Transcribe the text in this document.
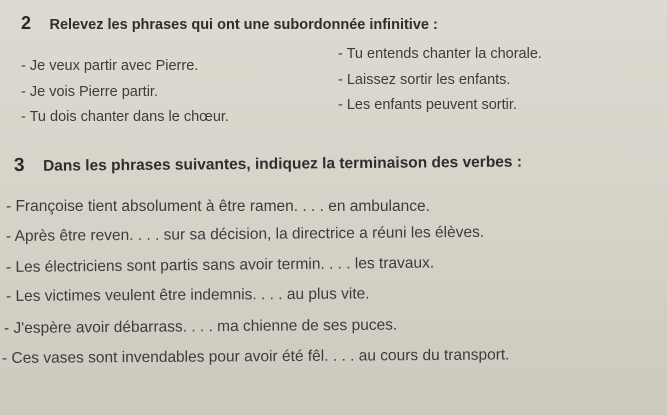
2 Relevez les phrases qui ont une subordonnée infinitive :
- Je veux partir avec Pierre.
- Je vois Pierre partir.
- Tu dois chanter dans le chœur.
- Tu entends chanter la chorale.
- Laissez sortir les enfants.
- Les enfants peuvent sortir.
3 Dans les phrases suivantes, indiquez la terminaison des verbes :
- Françoise tient absolument à être ramen. . . . en ambulance.
- Après être reven. . . . sur sa décision, la directrice a réuni les élèves.
- Les électriciens sont partis sans avoir termin. . . . les travaux.
- Les victimes veulent être indemnis. . . . au plus vite.
- J'espère avoir débarrass. . . . ma chienne de ses puces.
- Ces vases sont invendables pour avoir été fêl. . . . au cours du transport.
